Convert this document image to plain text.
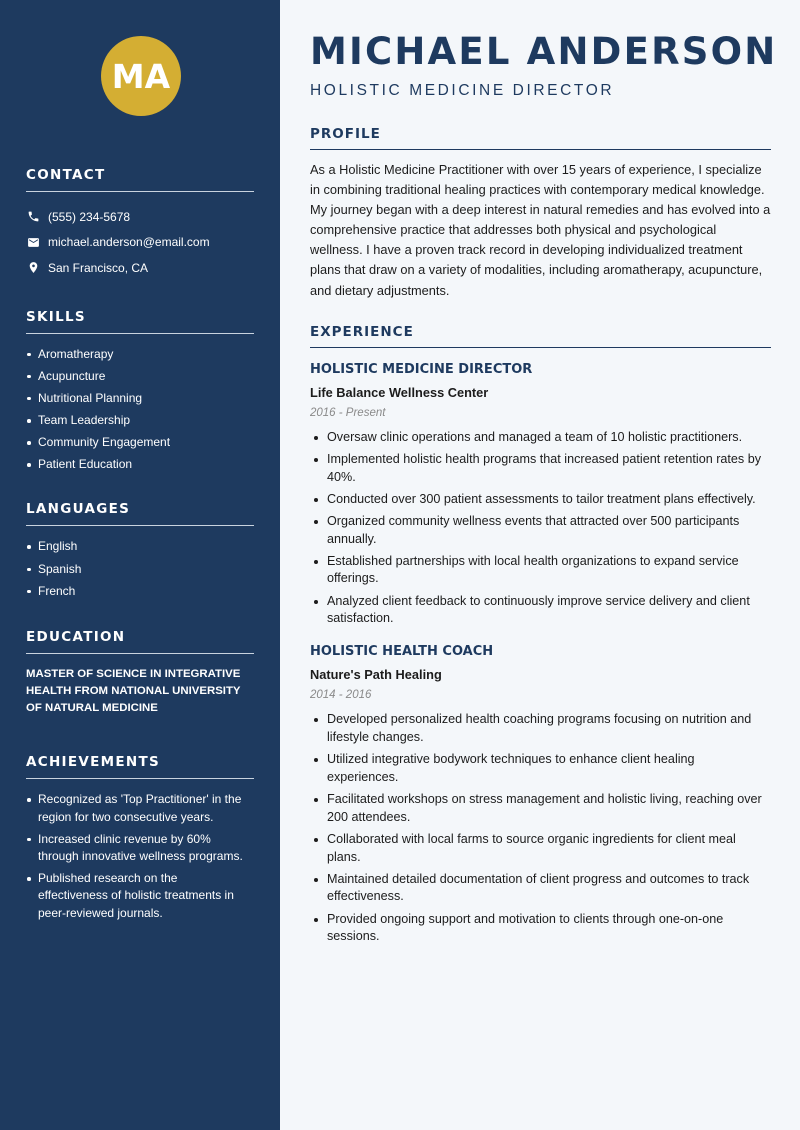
MA
CONTACT
(555) 234-5678
michael.anderson@email.com
San Francisco, CA
SKILLS
Aromatherapy
Acupuncture
Nutritional Planning
Team Leadership
Community Engagement
Patient Education
LANGUAGES
English
Spanish
French
EDUCATION
MASTER OF SCIENCE IN INTEGRATIVE HEALTH FROM NATIONAL UNIVERSITY OF NATURAL MEDICINE
ACHIEVEMENTS
Recognized as 'Top Practitioner' in the region for two consecutive years.
Increased clinic revenue by 60% through innovative wellness programs.
Published research on the effectiveness of holistic treatments in peer-reviewed journals.
MICHAEL ANDERSON
HOLISTIC MEDICINE DIRECTOR
PROFILE

As a Holistic Medicine Practitioner with over 15 years of experience, I specialize in combining traditional healing practices with contemporary medical knowledge. My journey began with a deep interest in natural remedies and has evolved into a comprehensive practice that addresses both physical and psychological wellness. I have a proven track record in developing individualized treatment plans that draw on a variety of modalities, including aromatherapy, acupuncture, and dietary adjustments.

EXPERIENCE
HOLISTIC MEDICINE DIRECTOR
Life Balance Wellness Center
2016 - Present
Oversaw clinic operations and managed a team of 10 holistic practitioners.
Implemented holistic health programs that increased patient retention rates by 40%.
Conducted over 300 patient assessments to tailor treatment plans effectively.
Organized community wellness events that attracted over 500 participants annually.
Established partnerships with local health organizations to expand service offerings.
Analyzed client feedback to continuously improve service delivery and client satisfaction.
HOLISTIC HEALTH COACH
Nature's Path Healing
2014 - 2016
Developed personalized health coaching programs focusing on nutrition and lifestyle changes.
Utilized integrative bodywork techniques to enhance client healing experiences.
Facilitated workshops on stress management and holistic living, reaching over 200 attendees.
Collaborated with local farms to source organic ingredients for client meal plans.
Maintained detailed documentation of client progress and outcomes to track effectiveness.
Provided ongoing support and motivation to clients through one-on-one sessions.
